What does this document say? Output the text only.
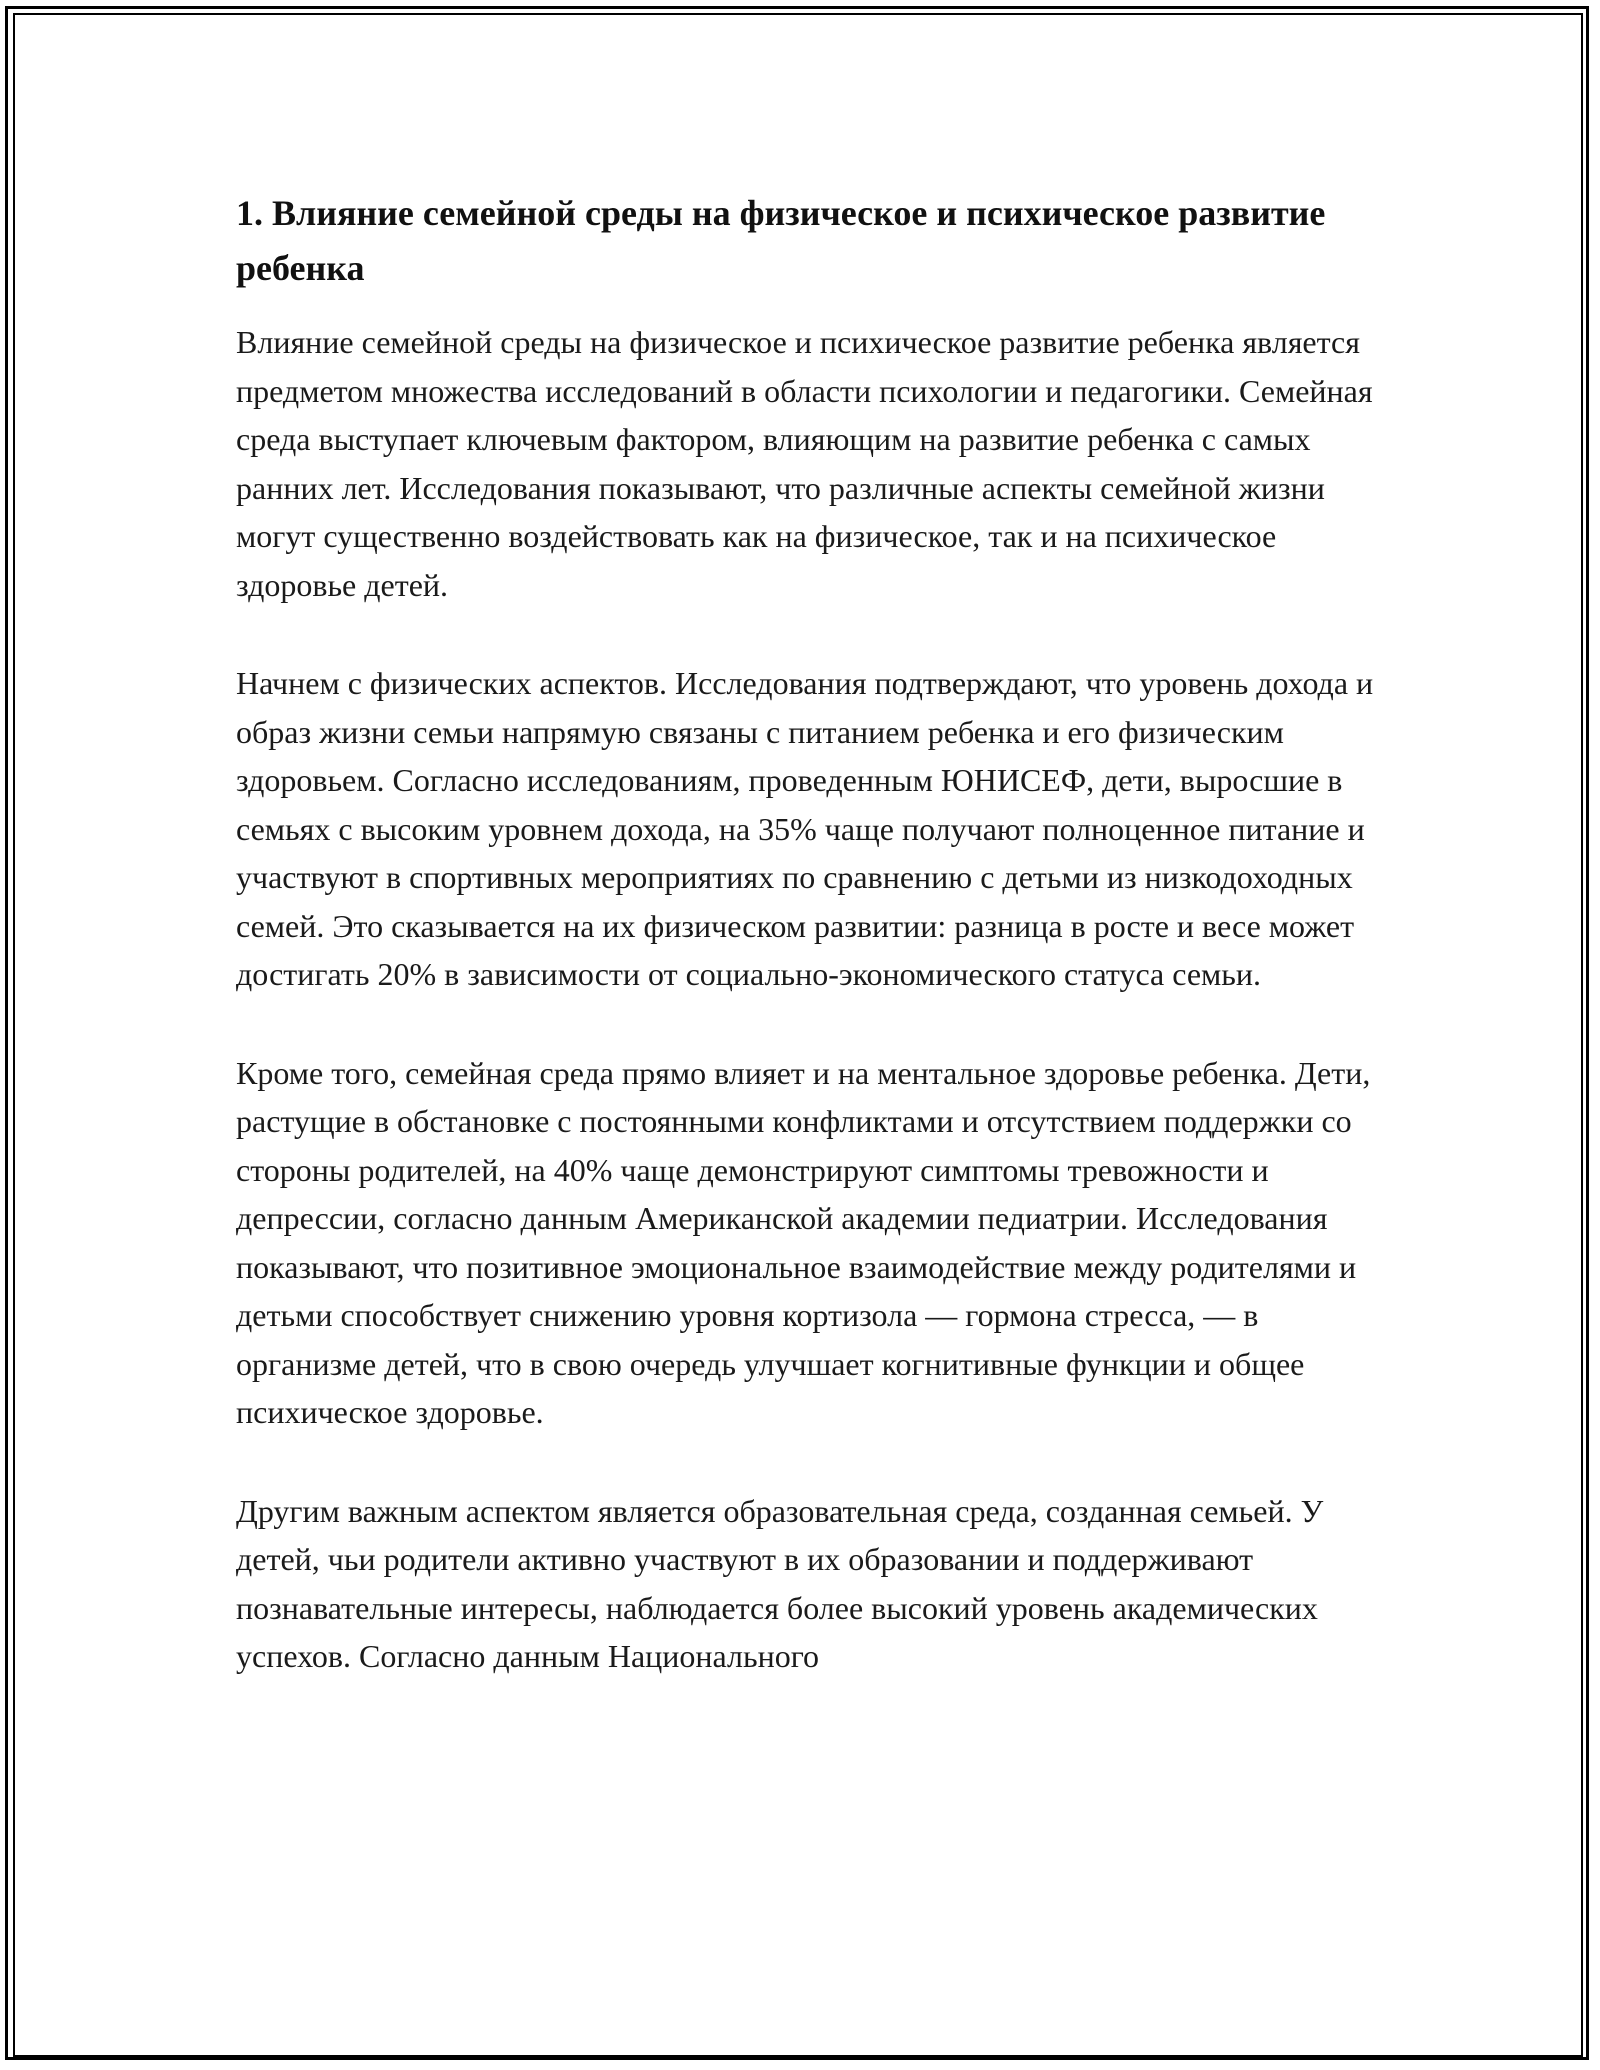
1. Влияние семейной среды на физическое и психическое развитие ребенка

Влияние семейной среды на физическое и психическое развитие ребенка является предметом множества исследований в области психологии и педагогики. Семейная среда выступает ключевым фактором, влияющим на развитие ребенка с самых ранних лет. Исследования показывают, что различные аспекты семейной жизни могут существенно воздействовать как на физическое, так и на психическое здоровье детей.

Начнем с физических аспектов. Исследования подтверждают, что уровень дохода и образ жизни семьи напрямую связаны с питанием ребенка и его физическим здоровьем. Согласно исследованиям, проведенным ЮНИСЕФ, дети, выросшие в семьях с высоким уровнем дохода, на 35% чаще получают полноценное питание и участвуют в спортивных мероприятиях по сравнению с детьми из низкодоходных семей. Это сказывается на их физическом развитии: разница в росте и весе может достигать 20% в зависимости от социально-экономического статуса семьи.

Кроме того, семейная среда прямо влияет и на ментальное здоровье ребенка. Дети, растущие в обстановке с постоянными конфликтами и отсутствием поддержки со стороны родителей, на 40% чаще демонстрируют симптомы тревожности и депрессии, согласно данным Американской академии педиатрии. Исследования показывают, что позитивное эмоциональное взаимодействие между родителями и детьми способствует снижению уровня кортизола — гормона стресса, — в организме детей, что в свою очередь улучшает когнитивные функции и общее психическое здоровье.

Другим важным аспектом является образовательная среда, созданная семьей. У детей, чьи родители активно участвуют в их образовании и поддерживают познавательные интересы, наблюдается более высокий уровень академических успехов. Согласно данным Национального
